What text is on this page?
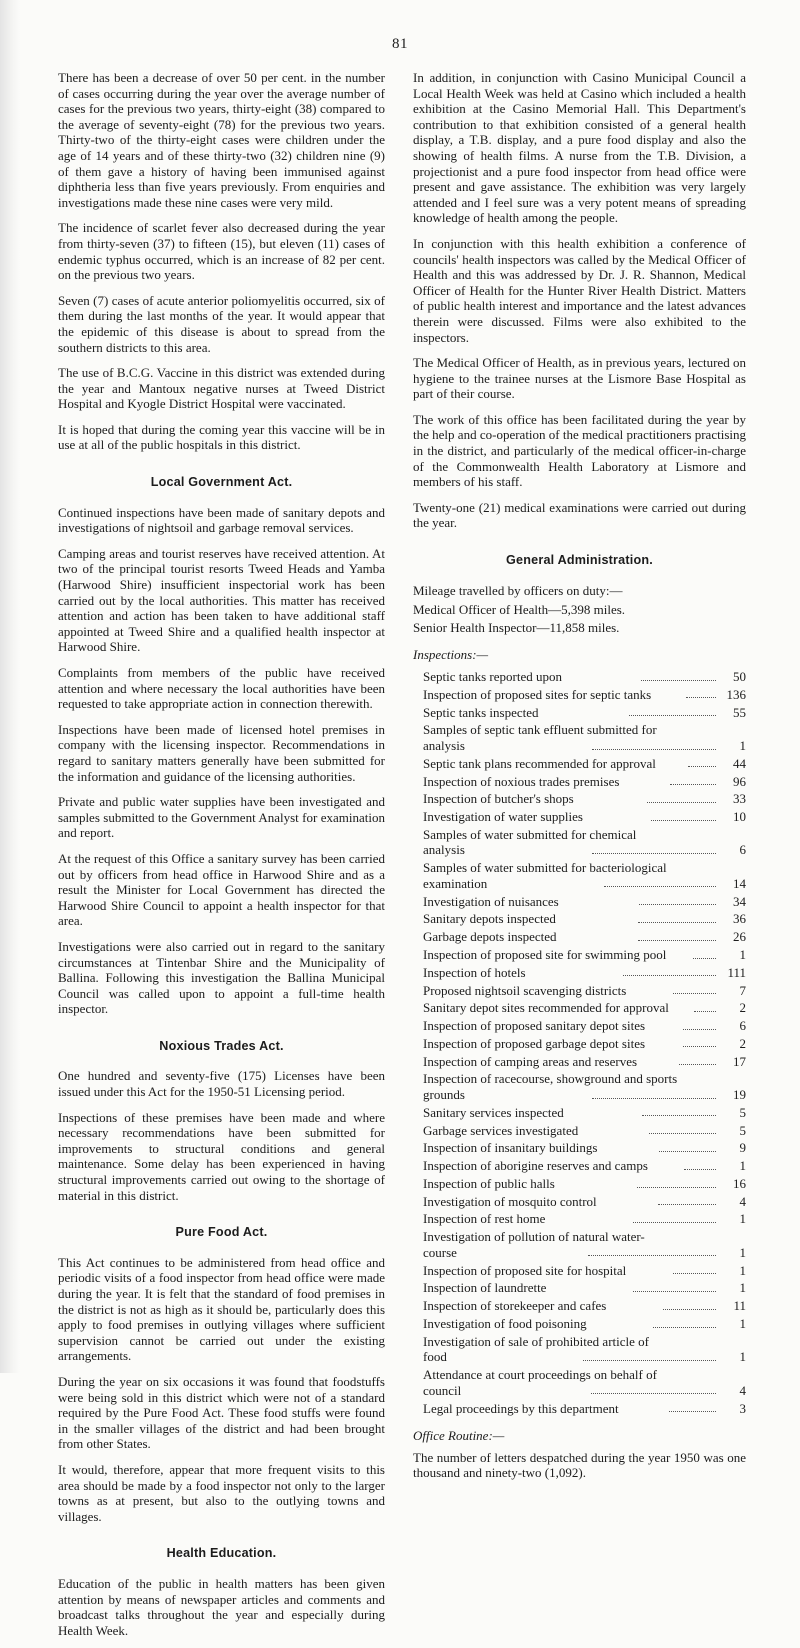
81

There has been a decrease of over 50 per cent. in the number of cases occurring during the year over the average number of cases for the previous two years, thirty-eight (38) compared to the average of seventy-eight (78) for the previous two years. Thirty-two of the thirty-eight cases were children under the age of 14 years and of these thirty-two (32) children nine (9) of them gave a history of having been immunised against diphtheria less than five years previously. From enquiries and investigations made these nine cases were very mild.

The incidence of scarlet fever also decreased during the year from thirty-seven (37) to fifteen (15), but eleven (11) cases of endemic typhus occurred, which is an increase of 82 per cent. on the previous two years.

Seven (7) cases of acute anterior poliomyelitis occurred, six of them during the last months of the year. It would appear that the epidemic of this disease is about to spread from the southern districts to this area.

The use of B.C.G. Vaccine in this district was extended during the year and Mantoux negative nurses at Tweed District Hospital and Kyogle District Hospital were vaccinated.

It is hoped that during the coming year this vaccine will be in use at all of the public hospitals in this district.

Local Government Act.

Continued inspections have been made of sanitary depots and investigations of nightsoil and garbage removal services.

Camping areas and tourist reserves have received attention. At two of the principal tourist resorts Tweed Heads and Yamba (Harwood Shire) insufficient inspectorial work has been carried out by the local authorities. This matter has received attention and action has been taken to have additional staff appointed at Tweed Shire and a qualified health inspector at Harwood Shire.

Complaints from members of the public have received attention and where necessary the local authorities have been requested to take appropriate action in connection therewith.

Inspections have been made of licensed hotel premises in company with the licensing inspector. Recommendations in regard to sanitary matters generally have been submitted for the information and guidance of the licensing authorities.

Private and public water supplies have been investigated and samples submitted to the Government Analyst for examination and report.

At the request of this Office a sanitary survey has been carried out by officers from head office in Harwood Shire and as a result the Minister for Local Government has directed the Harwood Shire Council to appoint a health inspector for that area.

Investigations were also carried out in regard to the sanitary circumstances at Tintenbar Shire and the Municipality of Ballina. Following this investigation the Ballina Municipal Council was called upon to appoint a full-time health inspector.

Noxious Trades Act.

One hundred and seventy-five (175) Licenses have been issued under this Act for the 1950-51 Licensing period.

Inspections of these premises have been made and where necessary recommendations have been submitted for improvements to structural conditions and general maintenance. Some delay has been experienced in having structural improvements carried out owing to the shortage of material in this district.

Pure Food Act.

This Act continues to be administered from head office and periodic visits of a food inspector from head office were made during the year. It is felt that the standard of food premises in the district is not as high as it should be, particularly does this apply to food premises in outlying villages where sufficient supervision cannot be carried out under the existing arrangements.

During the year on six occasions it was found that foodstuffs were being sold in this district which were not of a standard required by the Pure Food Act. These food stuffs were found in the smaller villages of the district and had been brought from other States.

It would, therefore, appear that more frequent visits to this area should be made by a food inspector not only to the larger towns as at present, but also to the outlying towns and villages.

Health Education.

Education of the public in health matters has been given attention by means of newspaper articles and comments and broadcast talks throughout the year and especially during Health Week.

In addition, in conjunction with Casino Municipal Council a Local Health Week was held at Casino which included a health exhibition at the Casino Memorial Hall. This Department's contribution to that exhibition consisted of a general health display, a T.B. display, and a pure food display and also the showing of health films. A nurse from the T.B. Division, a projectionist and a pure food inspector from head office were present and gave assistance. The exhibition was very largely attended and I feel sure was a very potent means of spreading knowledge of health among the people.

In conjunction with this health exhibition a conference of councils' health inspectors was called by the Medical Officer of Health and this was addressed by Dr. J. R. Shannon, Medical Officer of Health for the Hunter River Health District. Matters of public health interest and importance and the latest advances therein were discussed. Films were also exhibited to the inspectors.

The Medical Officer of Health, as in previous years, lectured on hygiene to the trainee nurses at the Lismore Base Hospital as part of their course.

The work of this office has been facilitated during the year by the help and co-operation of the medical practitioners practising in the district, and particularly of the medical officer-in-charge of the Commonwealth Health Laboratory at Lismore and members of his staff.

Twenty-one (21) medical examinations were carried out during the year.

General Administration.

Mileage travelled by officers on duty:—

Medical Officer of Health—5,398 miles.

Senior Health Inspector—11,858 miles.

Inspections:—
Septic tanks reported upon	50
Inspection of proposed sites for septic tanks	136
Septic tanks inspected	55
Samples of septic tank effluent submitted for
analysis	1
Septic tank plans recommended for approval	44
Inspection of noxious trades premises	96
Inspection of butcher's shops	33
Investigation of water supplies	10
Samples of water submitted for chemical
analysis	6
Samples of water submitted for bacteriological
examination	14
Investigation of nuisances	34
Sanitary depots inspected	36
Garbage depots inspected	26
Inspection of proposed site for swimming pool	1
Inspection of hotels	111
Proposed nightsoil scavenging districts	7
Sanitary depot sites recommended for approval	2
Inspection of proposed sanitary depot sites	6
Inspection of proposed garbage depot sites	2
Inspection of camping areas and reserves	17
Inspection of racecourse, showground and sports
grounds	19
Sanitary services inspected	5
Garbage services investigated	5
Inspection of insanitary buildings	9
Inspection of aborigine reserves and camps	1
Inspection of public halls	16
Investigation of mosquito control	4
Inspection of rest home	1
Investigation of pollution of natural water-
course	1
Inspection of proposed site for hospital	1
Inspection of laundrette	1
Inspection of storekeeper and cafes	11
Investigation of food poisoning	1
Investigation of sale of prohibited article of
food	1
Attendance at court proceedings on behalf of
council	4
Legal proceedings by this department	3
Office Routine:—

The number of letters despatched during the year 1950 was one thousand and ninety-two (1,092).
